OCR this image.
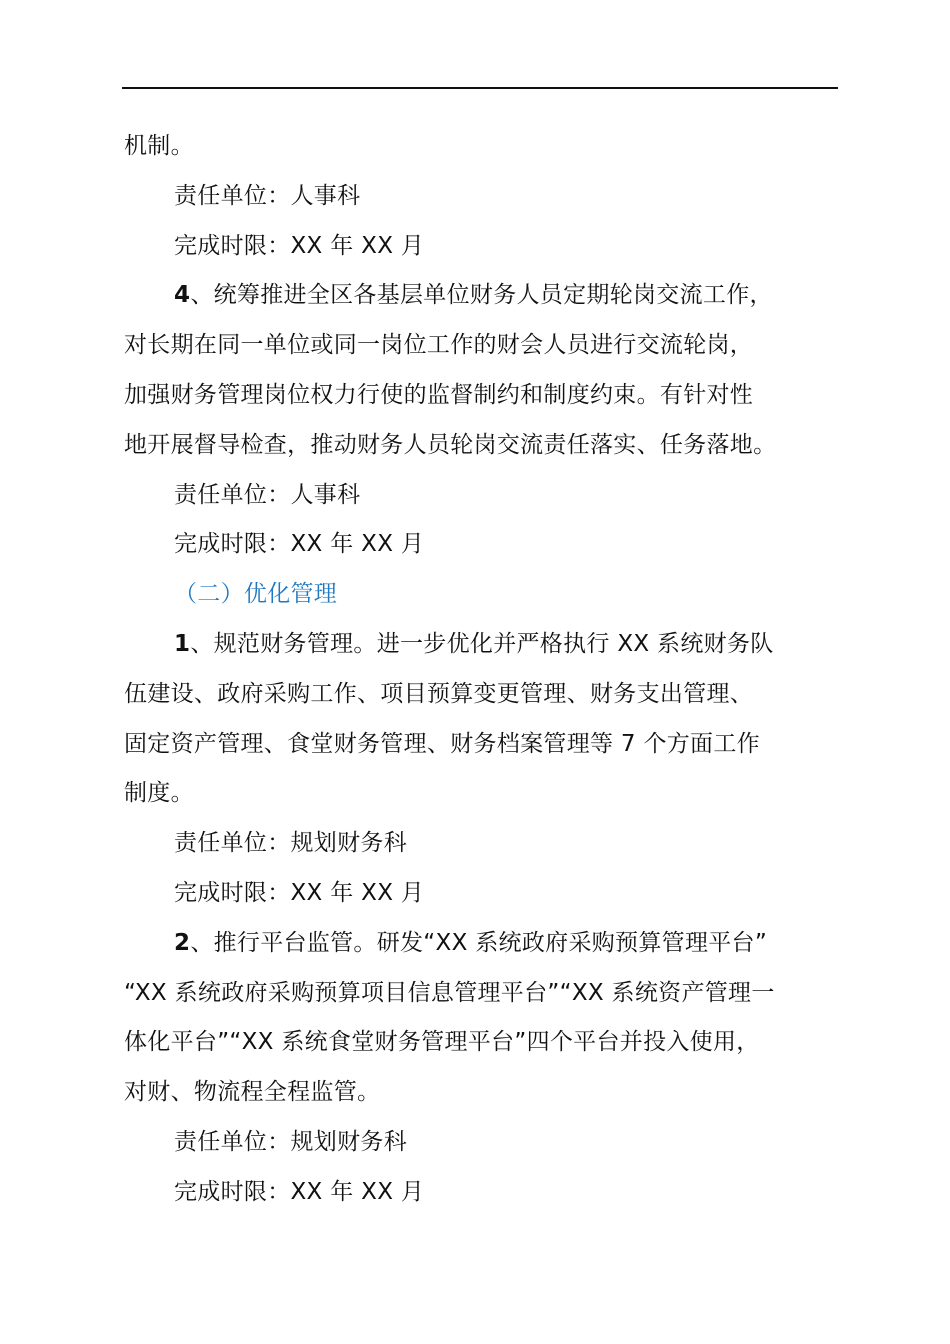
机制。

责任单位：人事科

完成时限：XX 年 XX 月

4、统筹推进全区各基层单位财务人员定期轮岗交流工作，

对长期在同一单位或同一岗位工作的财会人员进行交流轮岗，

加强财务管理岗位权力行使的监督制约和制度约束。有针对性

地开展督导检查，推动财务人员轮岗交流责任落实、任务落地。

责任单位：人事科

完成时限：XX 年 XX 月

（二）优化管理

1、规范财务管理。进一步优化并严格执行 XX 系统财务队

伍建设、政府采购工作、项目预算变更管理、财务支出管理、

固定资产管理、食堂财务管理、财务档案管理等 7 个方面工作

制度。

责任单位：规划财务科

完成时限：XX 年 XX 月

2、推行平台监管。研发“XX 系统政府采购预算管理平台”

“XX 系统政府采购预算项目信息管理平台”“XX 系统资产管理一

体化平台”“XX 系统食堂财务管理平台”四个平台并投入使用，

对财、物流程全程监管。

责任单位：规划财务科

完成时限：XX 年 XX 月
